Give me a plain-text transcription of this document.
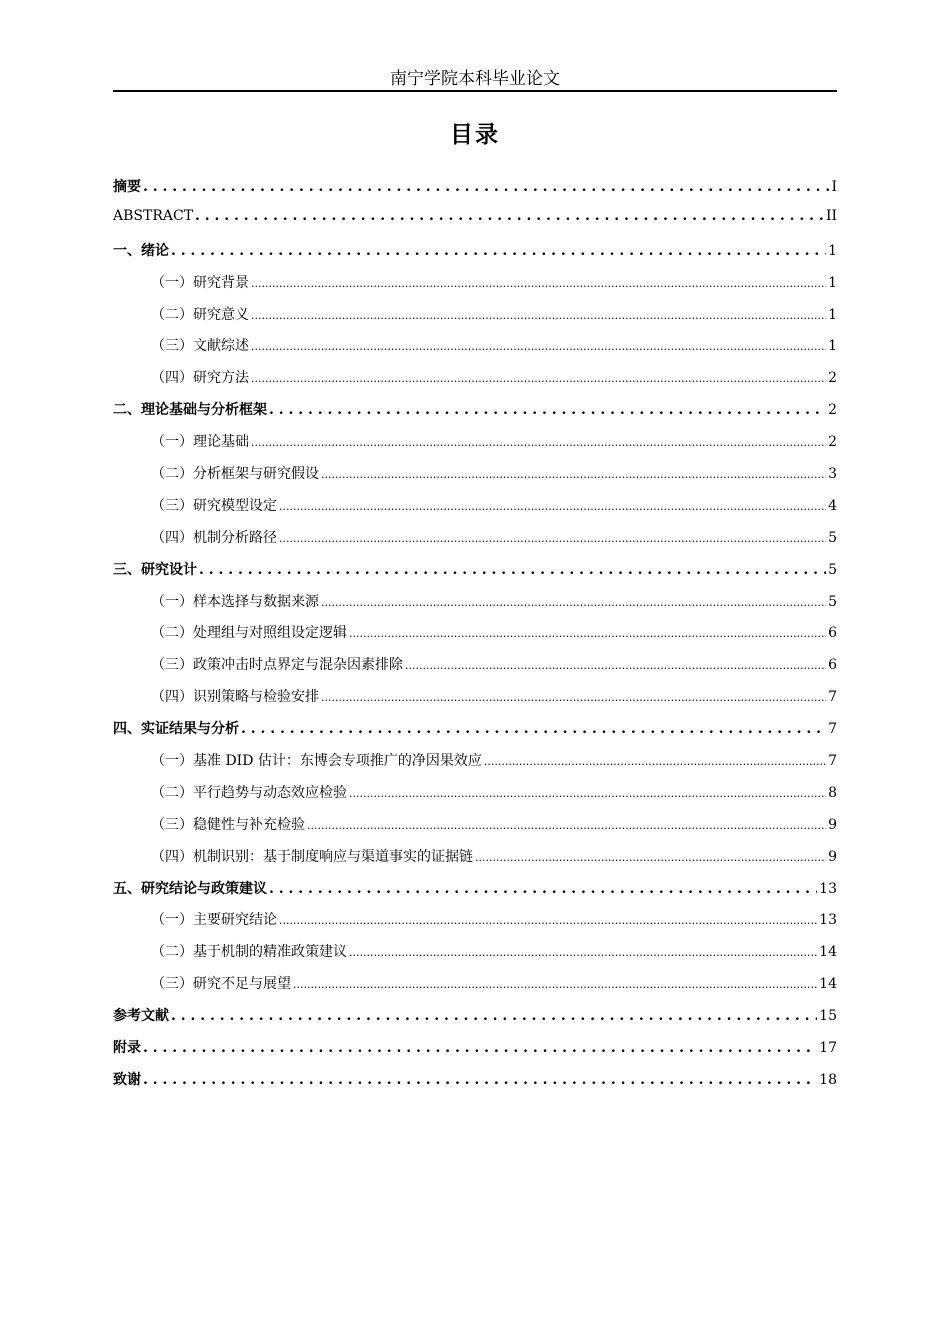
南宁学院本科毕业论文
目录
摘要 . . .	I
ABSTRACT . . .	II
一、绪论 . . .	1
（一）研究背景 .....	1
（二）研究意义 .....	1
（三）文献综述 .....	1
（四）研究方法 .....	2
二、理论基础与分析框架 . . .	2
（一）理论基础 .....	2
（二）分析框架与研究假设 .....	3
（三）研究模型设定 .....	4
（四）机制分析路径 .....	5
三、研究设计 . . .	5
（一）样本选择与数据来源 .....	5
（二）处理组与对照组设定逻辑 .....	6
（三）政策冲击时点界定与混杂因素排除 .....	6
（四）识别策略与检验安排 .....	7
四、实证结果与分析 . . .	7
（一）基准 DID 估计：东博会专项推广的净因果效应 .....	7
（二）平行趋势与动态效应检验 .....	8
（三）稳健性与补充检验 .....	9
（四）机制识别：基于制度响应与渠道事实的证据链 .....	9
五、研究结论与政策建议 . . .	13
（一）主要研究结论 .....	13
（二）基于机制的精准政策建议 .....	14
（三）研究不足与展望 .....	14
参考文献 . . .	15
附录 . . .	17
致谢 . . .	18
